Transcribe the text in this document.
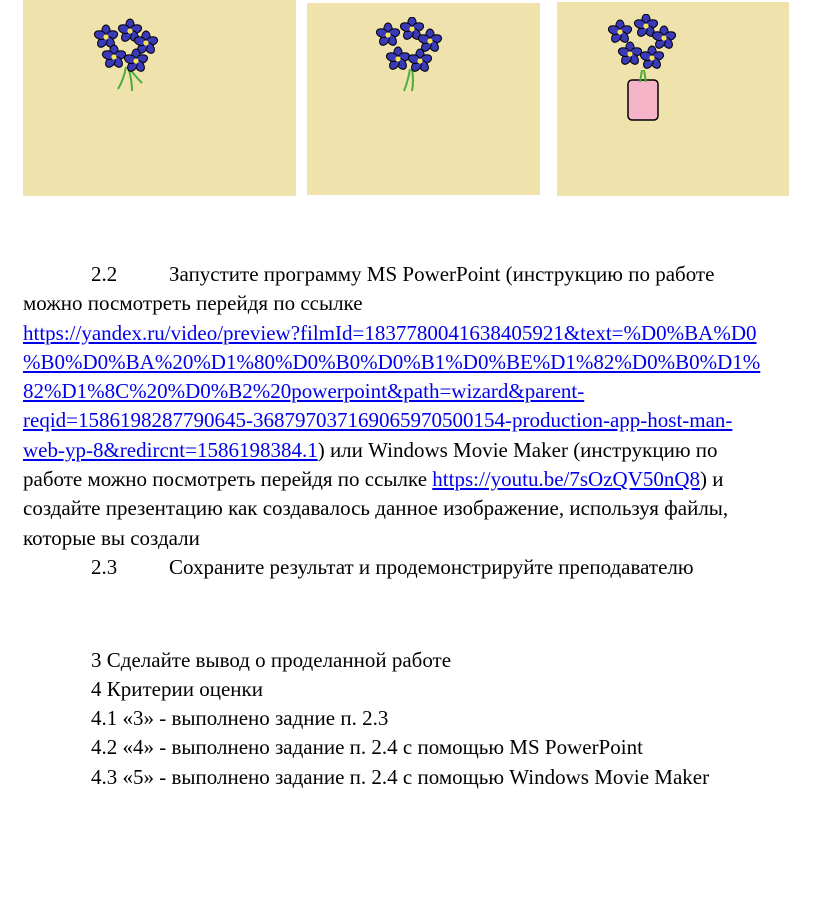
2.2 Запустите программу MS PowerPoint (инструкцию по работе
можно посмотреть перейдя по ссылке
https://yandex.ru/video/preview?filmId=1837780041638405921&text=%D0%BA%D0
%B0%D0%BA%20%D1%80%D0%B0%D0%B1%D0%BE%D1%82%D0%B0%D1%
82%D1%8C%20%D0%B2%20powerpoint&path=wizard&parent-
reqid=1586198287790645-368797037169065970500154-production-app-host-man-
web-yp-8&redircnt=1586198384.1) или Windows Movie Maker (инструкцию по
работе можно посмотреть перейдя по ссылке https://youtu.be/7sOzQV50nQ8) и
создайте презентацию как создавалось данное изображение, используя файлы,
которые вы создали
2.3 Сохраните результат и продемонстрируйте преподавателю
3 Сделайте вывод о проделанной работе
4 Критерии оценки
4.1 «3» - выполнено задние п. 2.3
4.2 «4» - выполнено задание п. 2.4 с помощью MS PowerPoint
4.3 «5» - выполнено задание п. 2.4 с помощью Windows Movie Maker
